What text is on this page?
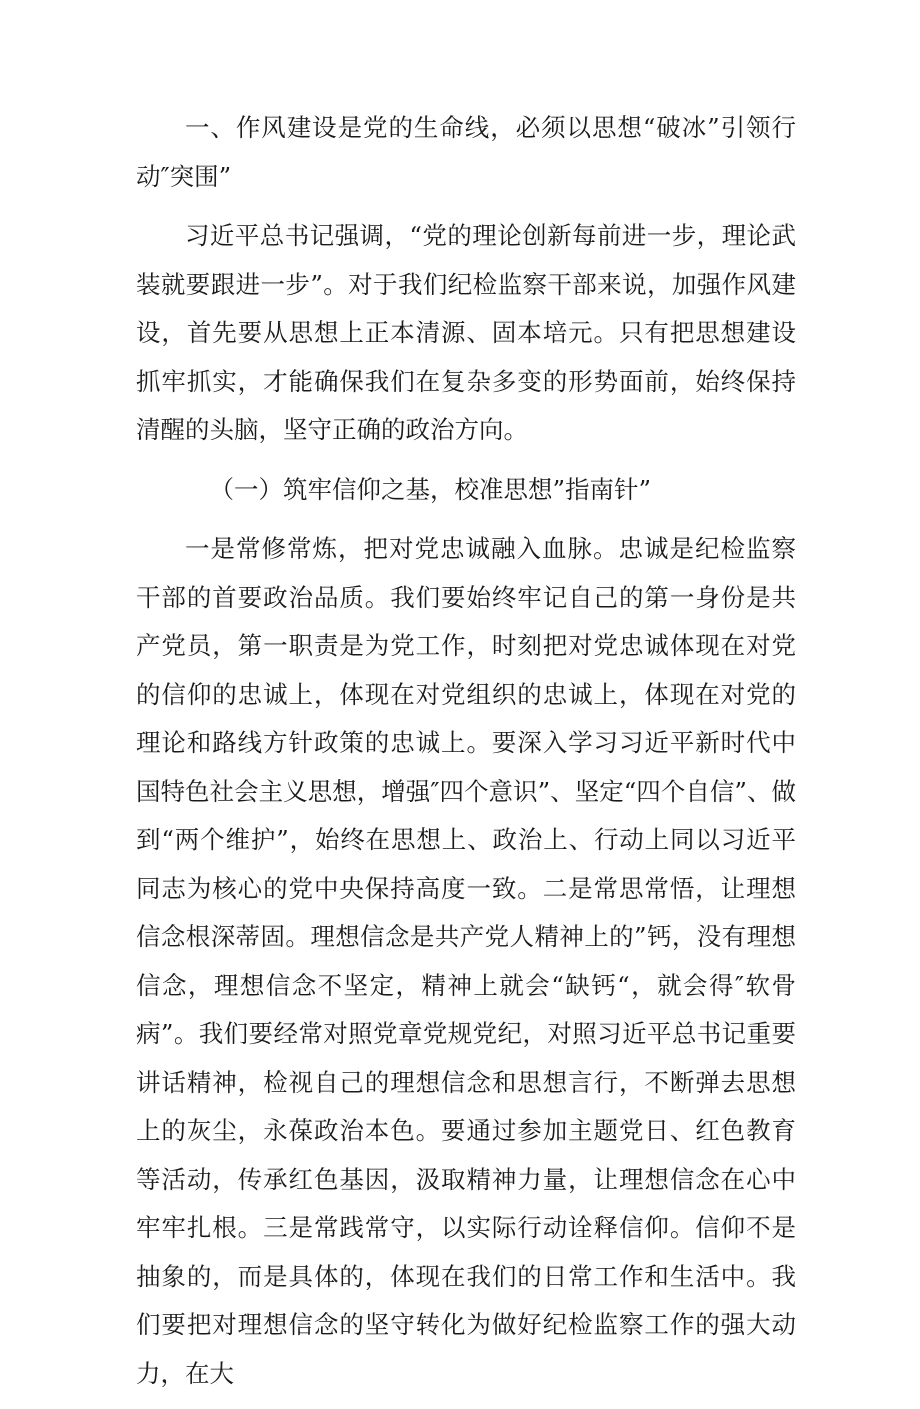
一、作风建设是党的生命线，必须以思想“破冰”引领行动″突围”

习近平总书记强调，“党的理论创新每前进一步，理论武装就要跟进一步”。对于我们纪检监察干部来说，加强作风建设，首先要从思想上正本清源、固本培元。只有把思想建设抓牢抓实，才能确保我们在复杂多变的形势面前，始终保持清醒的头脑，坚守正确的政治方向。

（一）筑牢信仰之基，校准思想”指南针”

一是常修常炼，把对党忠诚融入血脉。忠诚是纪检监察干部的首要政治品质。我们要始终牢记自己的第一身份是共产党员，第一职责是为党工作，时刻把对党忠诚体现在对党的信仰的忠诚上，体现在对党组织的忠诚上，体现在对党的理论和路线方针政策的忠诚上。要深入学习习近平新时代中国特色社会主义思想，增强″四个意识”、坚定“四个自信”、做到“两个维护”，始终在思想上、政治上、行动上同以习近平同志为核心的党中央保持高度一致。二是常思常悟，让理想信念根深蒂固。理想信念是共产党人精神上的”钙，没有理想信念，理想信念不坚定，精神上就会“缺钙“，就会得″软骨病”。我们要经常对照党章党规党纪，对照习近平总书记重要讲话精神，检视自己的理想信念和思想言行，不断弹去思想上的灰尘，永葆政治本色。要通过参加主题党日、红色教育等活动，传承红色基因，汲取精神力量，让理想信念在心中牢牢扎根。三是常践常守，以实际行动诠释信仰。信仰不是抽象的，而是具体的，体现在我们的日常工作和生活中。我们要把对理想信念的坚守转化为做好纪检监察工作的强大动力，在大
